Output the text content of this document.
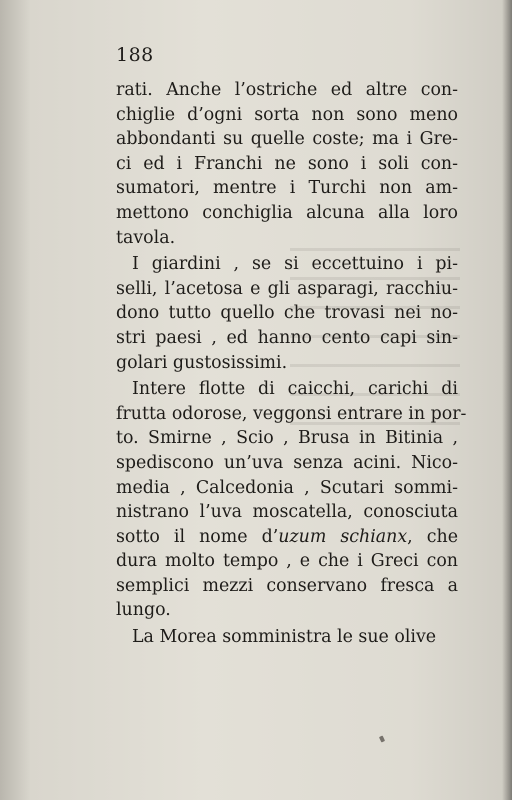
188
rati. Anche l’ostriche ed altre con-
chiglie d’ogni sorta non sono meno
abbondanti su quelle coste; ma i Gre-
ci ed i Franchi ne sono i soli con-
sumatori, mentre i Turchi non am-
mettono conchiglia alcuna alla loro
tavola.
I giardini , se si eccettuino i pi-
selli, l’acetosa e gli asparagi, racchiu-
dono tutto quello che trovasi nei no-
stri paesi , ed hanno cento capi sin-
golari gustosissimi.
Intere flotte di caicchi, carichi di
frutta odorose, veggonsi entrare in por-
to. Smirne , Scio , Brusa in Bitinia ,
spediscono un’uva senza acini. Nico-
media , Calcedonia , Scutari sommi-
nistrano l’uva moscatella, conosciuta
sotto il nome d’uzum schianx, che
dura molto tempo , e che i Greci con
semplici mezzi conservano fresca a
lungo.
La Morea somministra le sue olive
